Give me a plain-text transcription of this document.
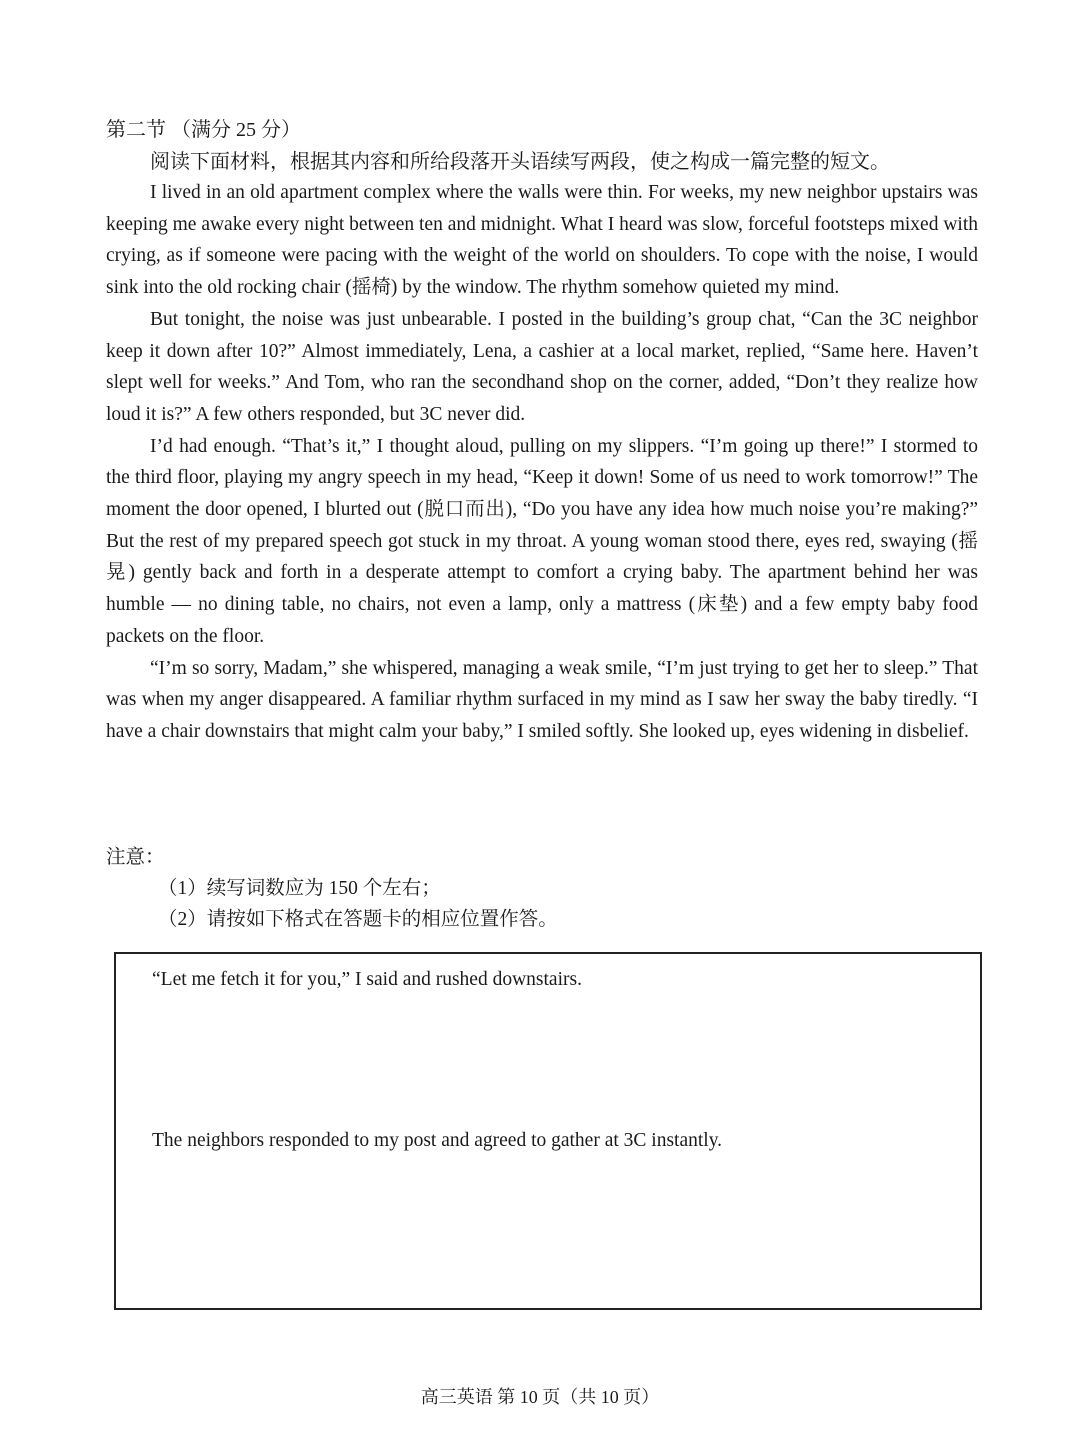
第二节 （满分 25 分）
阅读下面材料，根据其内容和所给段落开头语续写两段，使之构成一篇完整的短文。

I lived in an old apartment complex where the walls were thin. For weeks, my new neighbor upstairs was keeping me awake every night between ten and midnight. What I heard was slow, forceful footsteps mixed with crying, as if someone were pacing with the weight of the world on shoulders. To cope with the noise, I would sink into the old rocking chair (摇椅) by the window. The rhythm somehow quieted my mind.

But tonight, the noise was just unbearable. I posted in the building’s group chat, “Can the 3C neighbor keep it down after 10?” Almost immediately, Lena, a cashier at a local market, replied, “Same here. Haven’t slept well for weeks.” And Tom, who ran the secondhand shop on the corner, added, “Don’t they realize how loud it is?” A few others responded, but 3C never did.

I’d had enough. “That’s it,” I thought aloud, pulling on my slippers. “I’m going up there!” I stormed to the third floor, playing my angry speech in my head, “Keep it down! Some of us need to work tomorrow!” The moment the door opened, I blurted out (脱口而出), “Do you have any idea how much noise you’re making?” But the rest of my prepared speech got stuck in my throat. A young woman stood there, eyes red, swaying (摇晃) gently back and forth in a desperate attempt to comfort a crying baby. The apartment behind her was humble — no dining table, no chairs, not even a lamp, only a mattress (床垫) and a few empty baby food packets on the floor.

“I’m so sorry, Madam,” she whispered, managing a weak smile, “I’m just trying to get her to sleep.” That was when my anger disappeared. A familiar rhythm surfaced in my mind as I saw her sway the baby tiredly. “I have a chair downstairs that might calm your baby,” I smiled softly. She looked up, eyes widening in disbelief.

注意：
（1）续写词数应为 150 个左右；
（2）请按如下格式在答题卡的相应位置作答。
“Let me fetch it for you,” I said and rushed downstairs.
The neighbors responded to my post and agreed to gather at 3C instantly.
高三英语 第 10 页（共 10 页）
